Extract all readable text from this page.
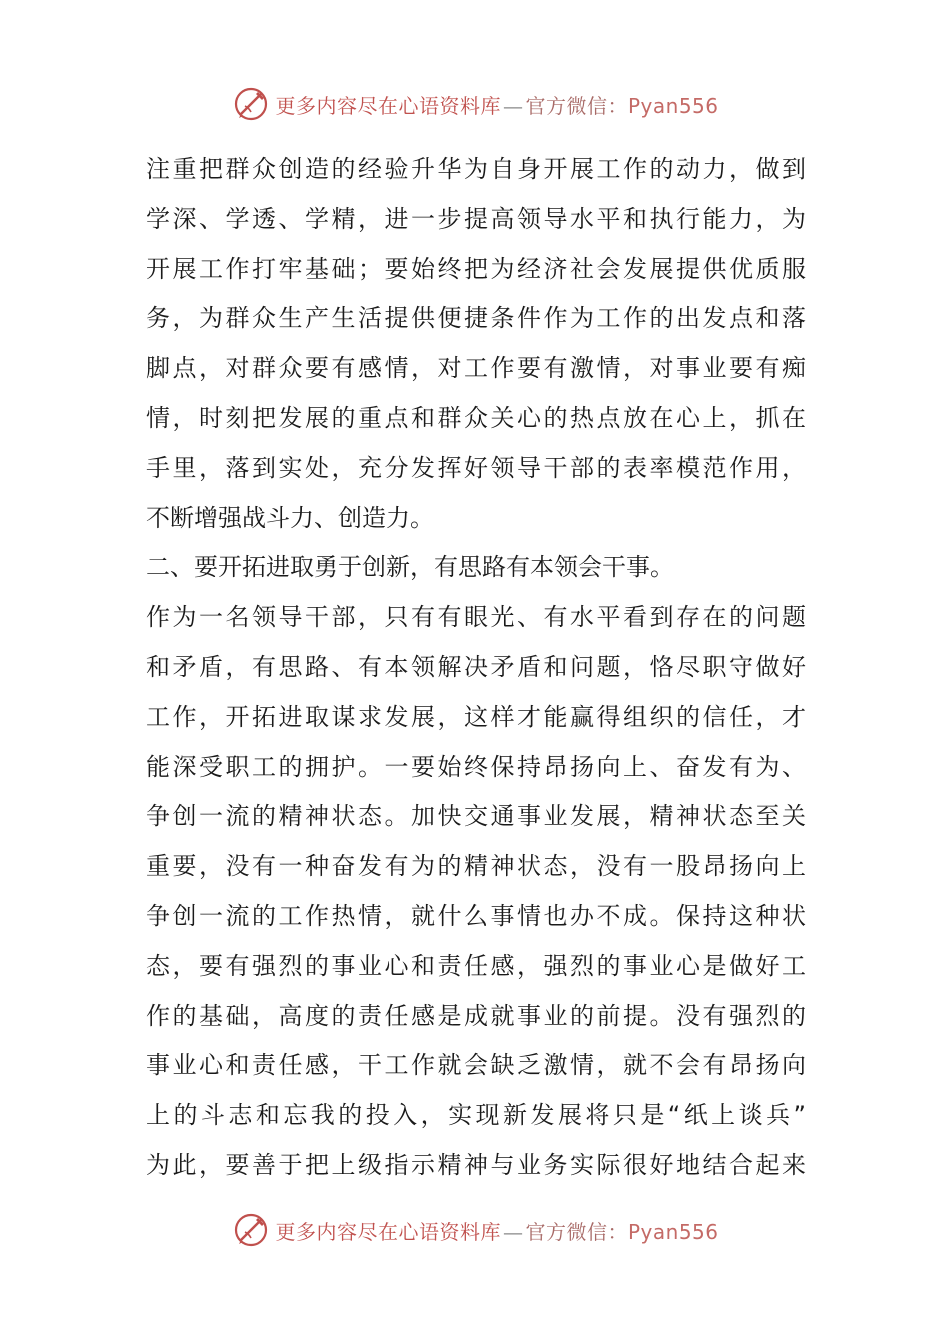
更多内容尽在心语资料库 — 官方微信：Pyan556
注重把群众创造的经验升华为自身开展工作的动力，做到
学深、学透、学精，进一步提高领导水平和执行能力，为
开展工作打牢基础；要始终把为经济社会发展提供优质服
务，为群众生产生活提供便捷条件作为工作的出发点和落
脚点，对群众要有感情，对工作要有激情，对事业要有痴
情，时刻把发展的重点和群众关心的热点放在心上，抓在
手里，落到实处，充分发挥好领导干部的表率模范作用，
不断增强战斗力、创造力。
二、要开拓进取勇于创新，有思路有本领会干事。
作为一名领导干部，只有有眼光、有水平看到存在的问题
和矛盾，有思路、有本领解决矛盾和问题，恪尽职守做好
工作，开拓进取谋求发展，这样才能赢得组织的信任，才
能深受职工的拥护。一要始终保持昂扬向上、奋发有为、
争创一流的精神状态。加快交通事业发展，精神状态至关
重要，没有一种奋发有为的精神状态，没有一股昂扬向上
争创一流的工作热情，就什么事情也办不成。保持这种状
态，要有强烈的事业心和责任感，强烈的事业心是做好工
作的基础，高度的责任感是成就事业的前提。没有强烈的
事业心和责任感，干工作就会缺乏激情，就不会有昂扬向
上的斗志和忘我的投入，实现新发展将只是“纸上谈兵”
为此，要善于把上级指示精神与业务实际很好地结合起来
更多内容尽在心语资料库 — 官方微信：Pyan556
